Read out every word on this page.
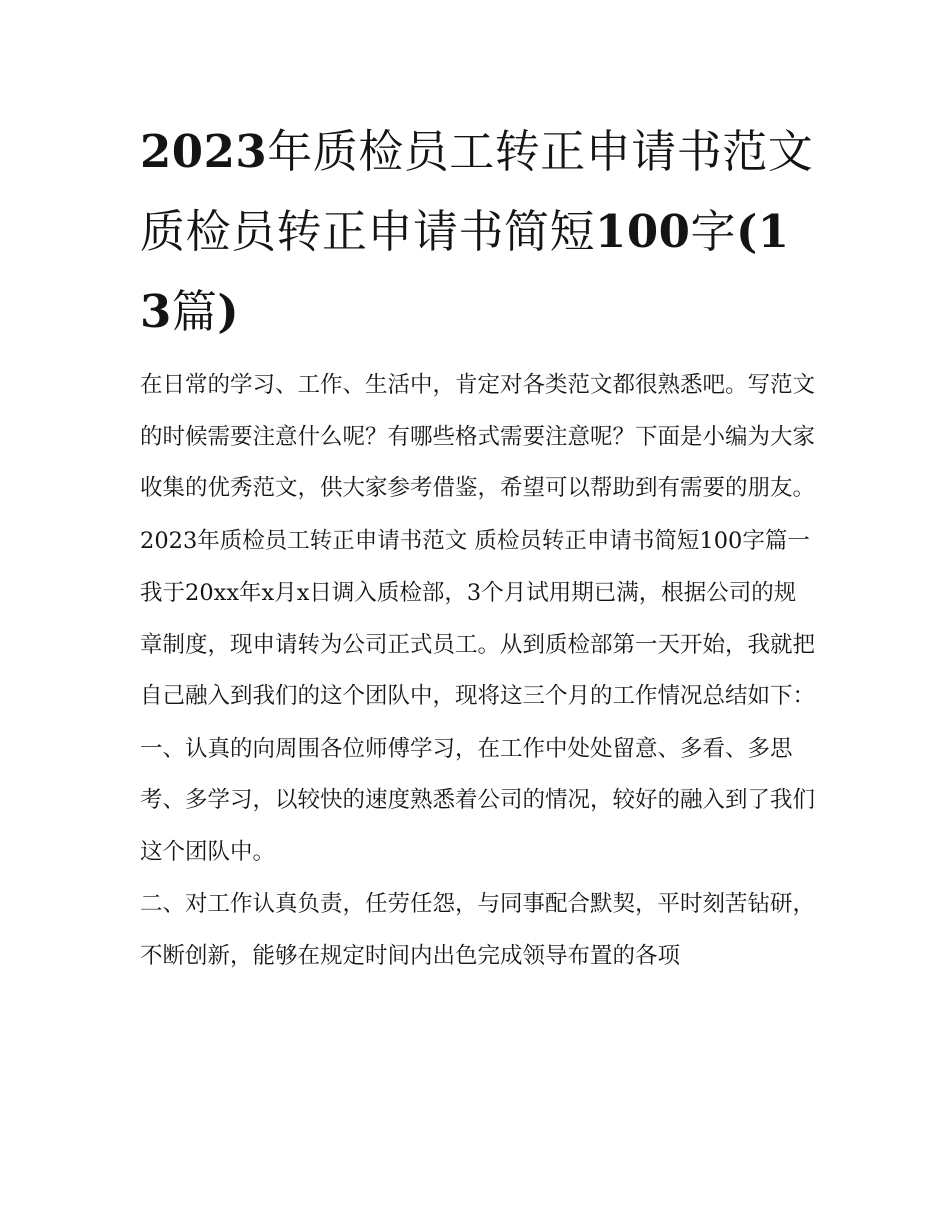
2023年质检员工转正申请书范文 质检员转正申请书简短100字(13篇)

在日常的学习、工作、生活中，肯定对各类范文都很熟悉吧。写范文的时候需要注意什么呢？有哪些格式需要注意呢？下面是小编为大家收集的优秀范文，供大家参考借鉴，希望可以帮助到有需要的朋友。

2023年质检员工转正申请书范文 质检员转正申请书简短100字篇一

我于20xx年x月x日调入质检部，3个月试用期已满，根据公司的规章制度，现申请转为公司正式员工。从到质检部第一天开始，我就把自己融入到我们的这个团队中，现将这三个月的工作情况总结如下：

一、认真的向周围各位师傅学习，在工作中处处留意、多看、多思考、多学习，以较快的速度熟悉着公司的情况，较好的融入到了我们这个团队中。

二、对工作认真负责，任劳任怨，与同事配合默契，平时刻苦钻研，不断创新，能够在规定时间内出色完成领导布置的各项
